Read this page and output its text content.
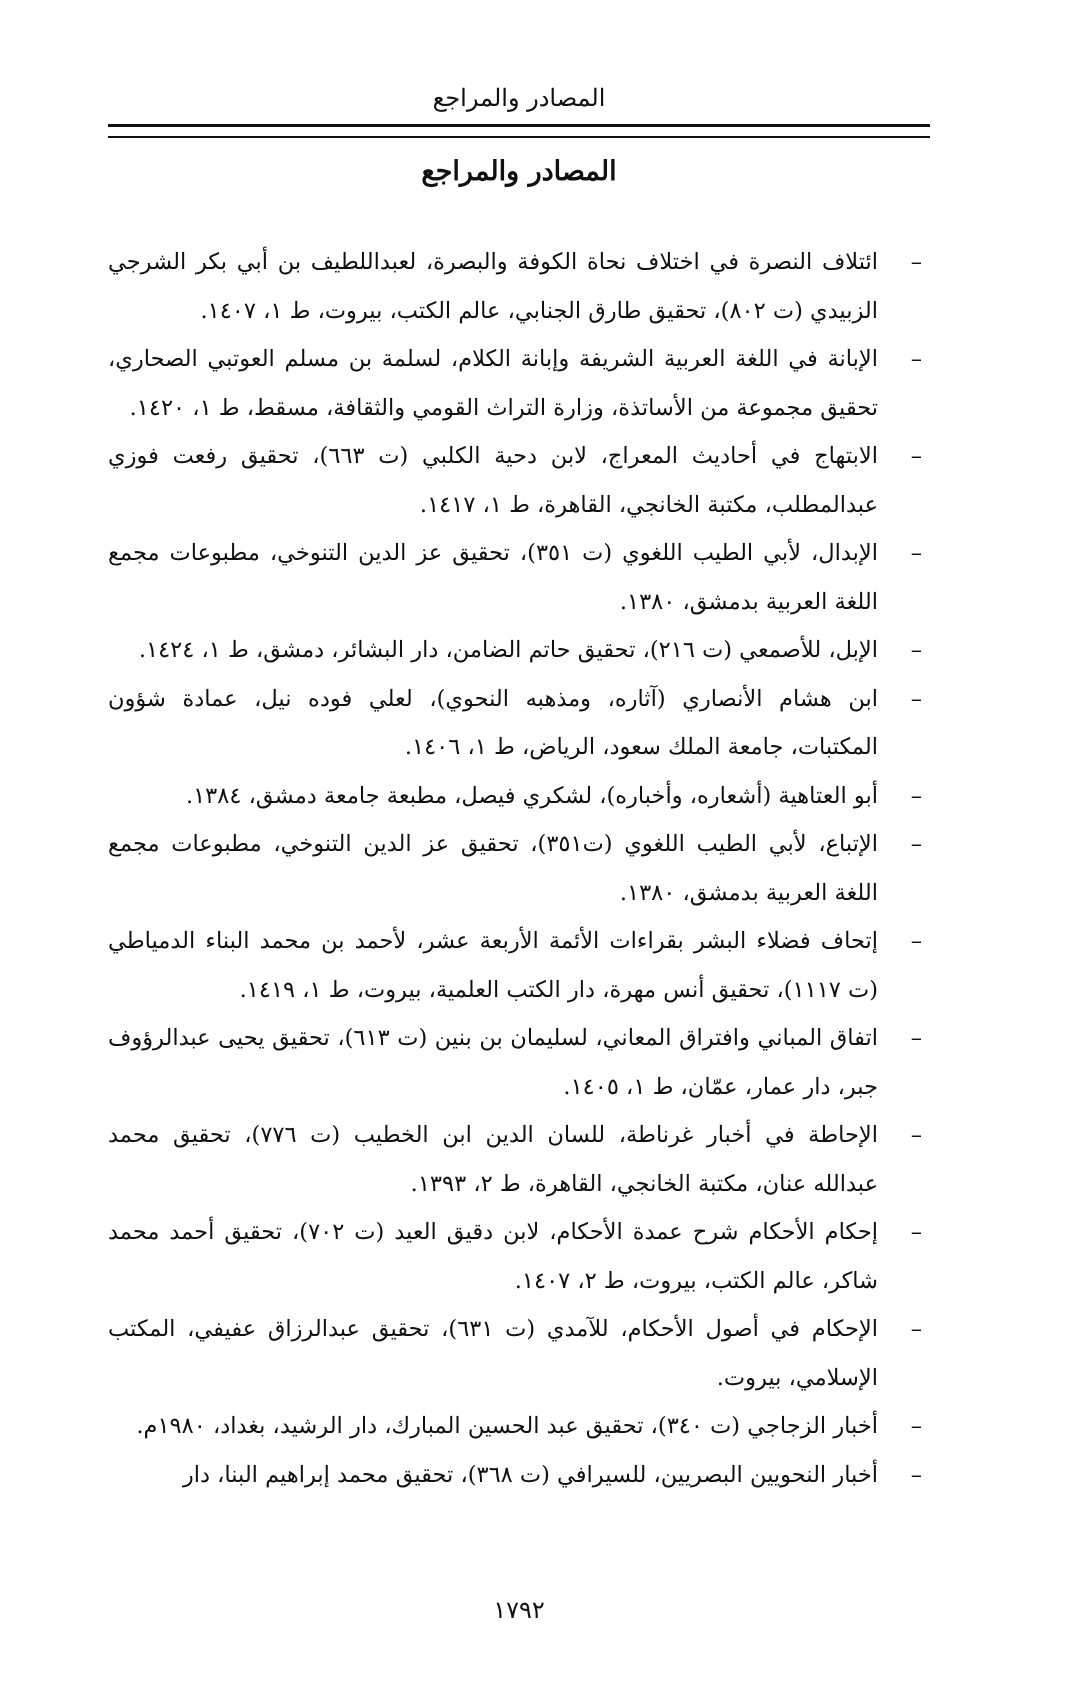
المصادر والمراجع
المصادر والمراجع
–
ائتلاف النصرة في اختلاف نحاة الكوفة والبصرة، لعبداللطيف بن أبي بكر الشرجي الزبيدي (ت ٨٠٢)، تحقيق طارق الجنابي، عالم الكتب، بيروت، ط ١، ١٤٠٧.
–
الإبانة في اللغة العربية الشريفة وإبانة الكلام، لسلمة بن مسلم العوتبي الصحاري، تحقيق مجموعة من الأساتذة، وزارة التراث القومي والثقافة، مسقط، ط ١، ١٤٢٠.
–
الابتهاج في أحاديث المعراج، لابن دحية الكلبي (ت ٦٦٣)، تحقيق رفعت فوزي عبدالمطلب، مكتبة الخانجي، القاهرة، ط ١، ١٤١٧.
–
الإبدال، لأبي الطيب اللغوي (ت ٣٥١)، تحقيق عز الدين التنوخي، مطبوعات مجمع اللغة العربية بدمشق، ١٣٨٠.
–
الإبل، للأصمعي (ت ٢١٦)، تحقيق حاتم الضامن، دار البشائر، دمشق، ط ١، ١٤٢٤.
–
ابن هشام الأنصاري (آثاره، ومذهبه النحوي)، لعلي فوده نيل، عمادة شؤون المكتبات، جامعة الملك سعود، الرياض، ط ١، ١٤٠٦.
–
أبو العتاهية (أشعاره، وأخباره)، لشكري فيصل، مطبعة جامعة دمشق، ١٣٨٤.
–
الإتباع، لأبي الطيب اللغوي (ت٣٥١)، تحقيق عز الدين التنوخي، مطبوعات مجمع اللغة العربية بدمشق، ١٣٨٠.
–
إتحاف فضلاء البشر بقراءات الأئمة الأربعة عشر، لأحمد بن محمد البناء الدمياطي (ت ١١١٧)، تحقيق أنس مهرة، دار الكتب العلمية، بيروت، ط ١، ١٤١٩.
–
اتفاق المباني وافتراق المعاني، لسليمان بن بنين (ت ٦١٣)، تحقيق يحيى عبدالرؤوف جبر، دار عمار، عمّان، ط ١، ١٤٠٥.
–
الإحاطة في أخبار غرناطة، للسان الدين ابن الخطيب (ت ٧٧٦)، تحقيق محمد عبدالله عنان، مكتبة الخانجي، القاهرة، ط ٢، ١٣٩٣.
–
إحكام الأحكام شرح عمدة الأحكام، لابن دقيق العيد (ت ٧٠٢)، تحقيق أحمد محمد شاكر، عالم الكتب، بيروت، ط ٢، ١٤٠٧.
–
الإحكام في أصول الأحكام، للآمدي (ت ٦٣١)، تحقيق عبدالرزاق عفيفي، المكتب الإسلامي، بيروت.
–
أخبار الزجاجي (ت ٣٤٠)، تحقيق عبد الحسين المبارك، دار الرشيد، بغداد، ١٩٨٠م.
–
أخبار النحويين البصريين، للسيرافي (ت ٣٦٨)، تحقيق محمد إبراهيم البنا، دار
١٧٩٢
